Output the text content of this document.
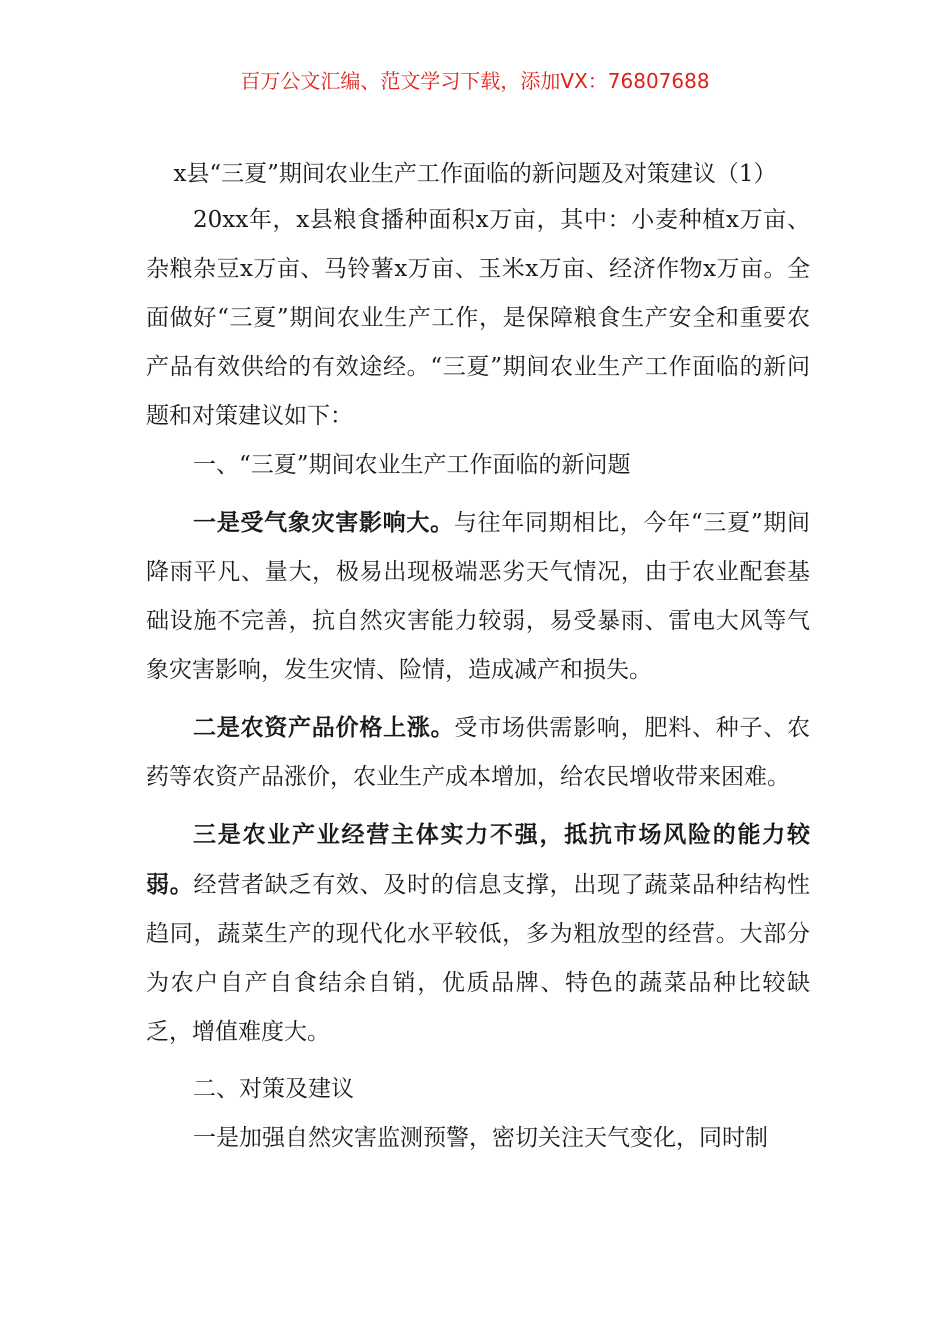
百万公文汇编、范文学习下载，添加VX：76807688
x县“三夏”期间农业生产工作面临的新问题及对策建议（1）

20xx年，x县粮食播种面积x万亩，其中：小麦种植x万亩、杂粮杂豆x万亩、马铃薯x万亩、玉米x万亩、经济作物x万亩。全面做好“三夏”期间农业生产工作，是保障粮食生产安全和重要农产品有效供给的有效途经。“三夏”期间农业生产工作面临的新问题和对策建议如下：

一、“三夏”期间农业生产工作面临的新问题

一是受气象灾害影响大。与往年同期相比，今年“三夏”期间降雨平凡、量大，极易出现极端恶劣天气情况，由于农业配套基础设施不完善，抗自然灾害能力较弱，易受暴雨、雷电大风等气象灾害影响，发生灾情、险情，造成减产和损失。

二是农资产品价格上涨。受市场供需影响，肥料、种子、农药等农资产品涨价，农业生产成本增加，给农民增收带来困难。

三是农业产业经营主体实力不强，抵抗市场风险的能力较弱。经营者缺乏有效、及时的信息支撑，出现了蔬菜品种结构性趋同，蔬菜生产的现代化水平较低，多为粗放型的经营。大部分为农户自产自食结余自销，优质品牌、特色的蔬菜品种比较缺乏，增值难度大。

二、对策及建议

一是加强自然灾害监测预警，密切关注天气变化，同时制
